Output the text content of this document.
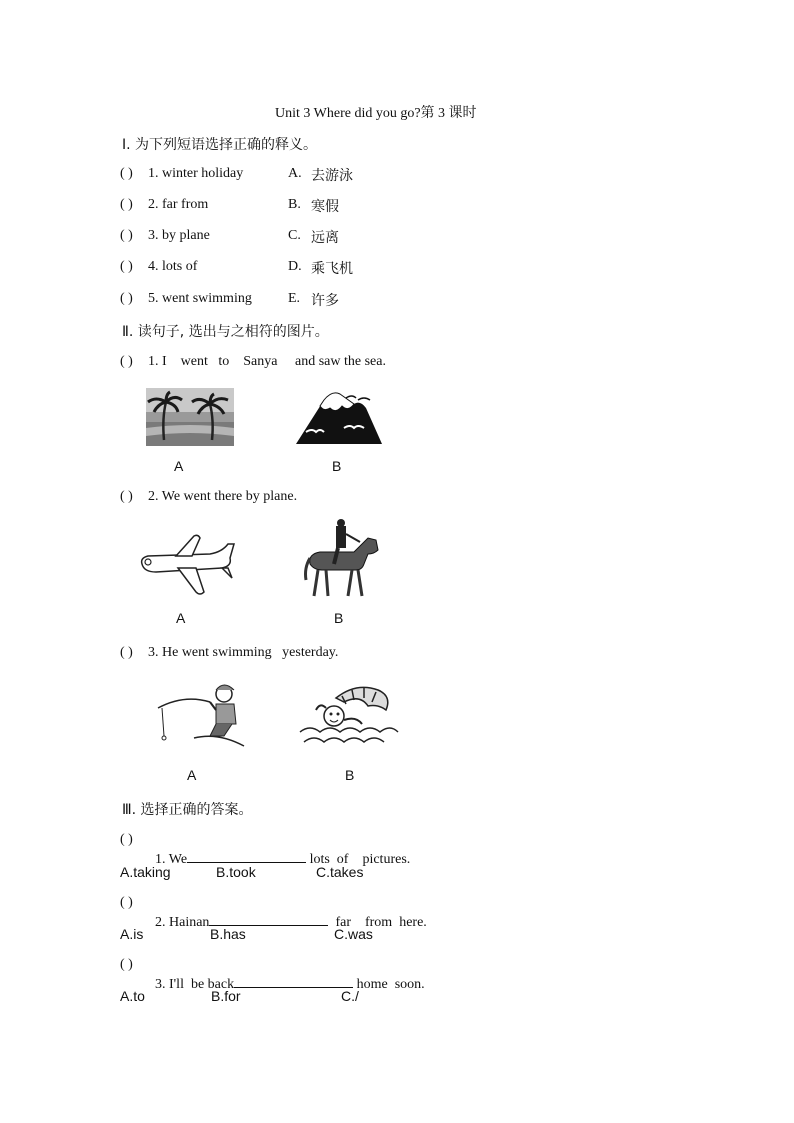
Unit 3 Where did you go?第 3 课时
Ⅰ. 为下列短语选择正确的释义。
( ) 1. winter holiday	A. 去游泳
( ) 2. far from	B. 寒假
( ) 3. by plane	C. 远离
( ) 4. lots of	D. 乘飞机
( ) 5. went swimming	E. 许多
Ⅱ. 读句子, 选出与之相符的图片。
( ) 1. I    went   to    Sanya     and saw the sea.
A	B
( ) 2. We went there by plane.
A	B
( ) 3. He went swimming   yesterday.
A	B
Ⅲ. 选择正确的答案。
( )

1. We	lots  of    pictures.

A.taking	B.took	C.takes
( )

2. Hainan	far    from  here.

A.is	B.has	C.was
( )

3. I'll  be back	home  soon.

A.to	B.for	C./
